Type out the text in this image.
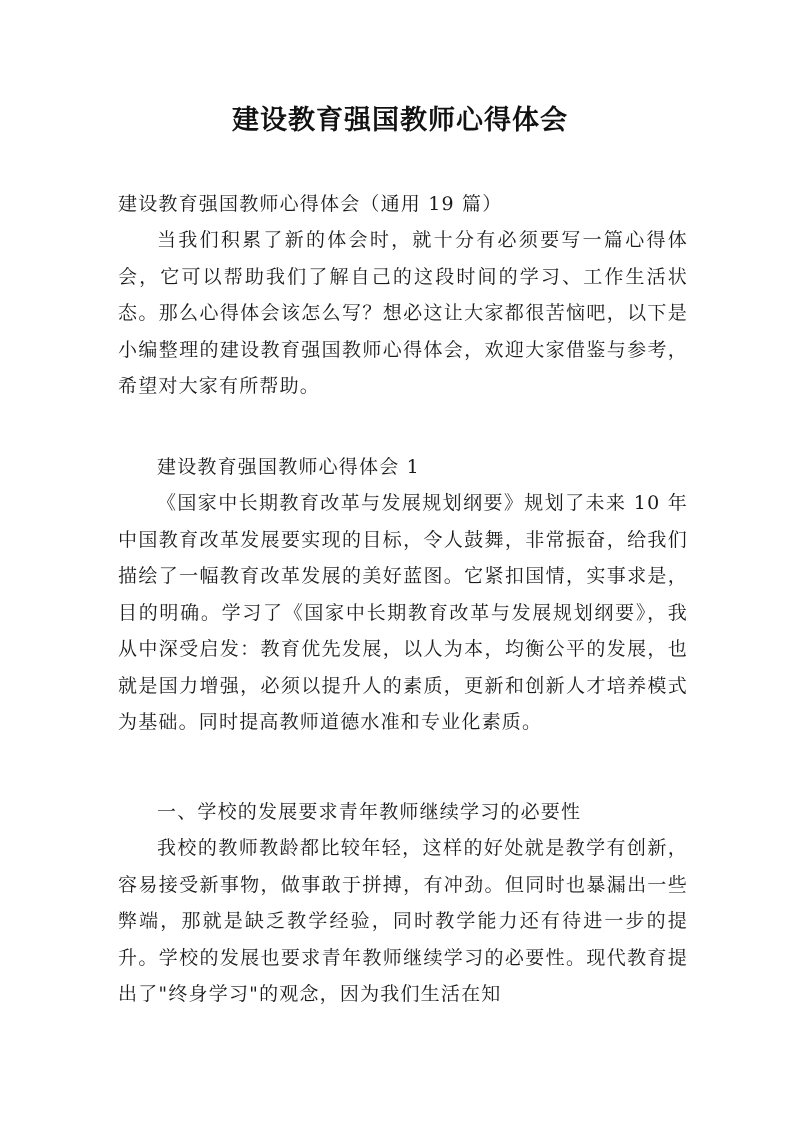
建设教育强国教师心得体会

建设教育强国教师心得体会（通用 19 篇）

当我们积累了新的体会时，就十分有必须要写一篇心得体会，它可以帮助我们了解自己的这段时间的学习、工作生活状态。那么心得体会该怎么写？想必这让大家都很苦恼吧，以下是小编整理的建设教育强国教师心得体会，欢迎大家借鉴与参考，希望对大家有所帮助。

建设教育强国教师心得体会 1

《国家中长期教育改革与发展规划纲要》规划了未来 10 年中国教育改革发展要实现的目标，令人鼓舞，非常振奋，给我们描绘了一幅教育改革发展的美好蓝图。它紧扣国情，实事求是，目的明确。学习了《国家中长期教育改革与发展规划纲要》，我从中深受启发：教育优先发展，以人为本，均衡公平的发展，也就是国力增强，必须以提升人的素质，更新和创新人才培养模式为基础。同时提高教师道德水准和专业化素质。

一、学校的发展要求青年教师继续学习的必要性

我校的教师教龄都比较年轻，这样的好处就是教学有创新，容易接受新事物，做事敢于拼搏，有冲劲。但同时也暴漏出一些弊端，那就是缺乏教学经验，同时教学能力还有待进一步的提升。学校的发展也要求青年教师继续学习的必要性。现代教育提出了"终身学习"的观念，因为我们生活在知
